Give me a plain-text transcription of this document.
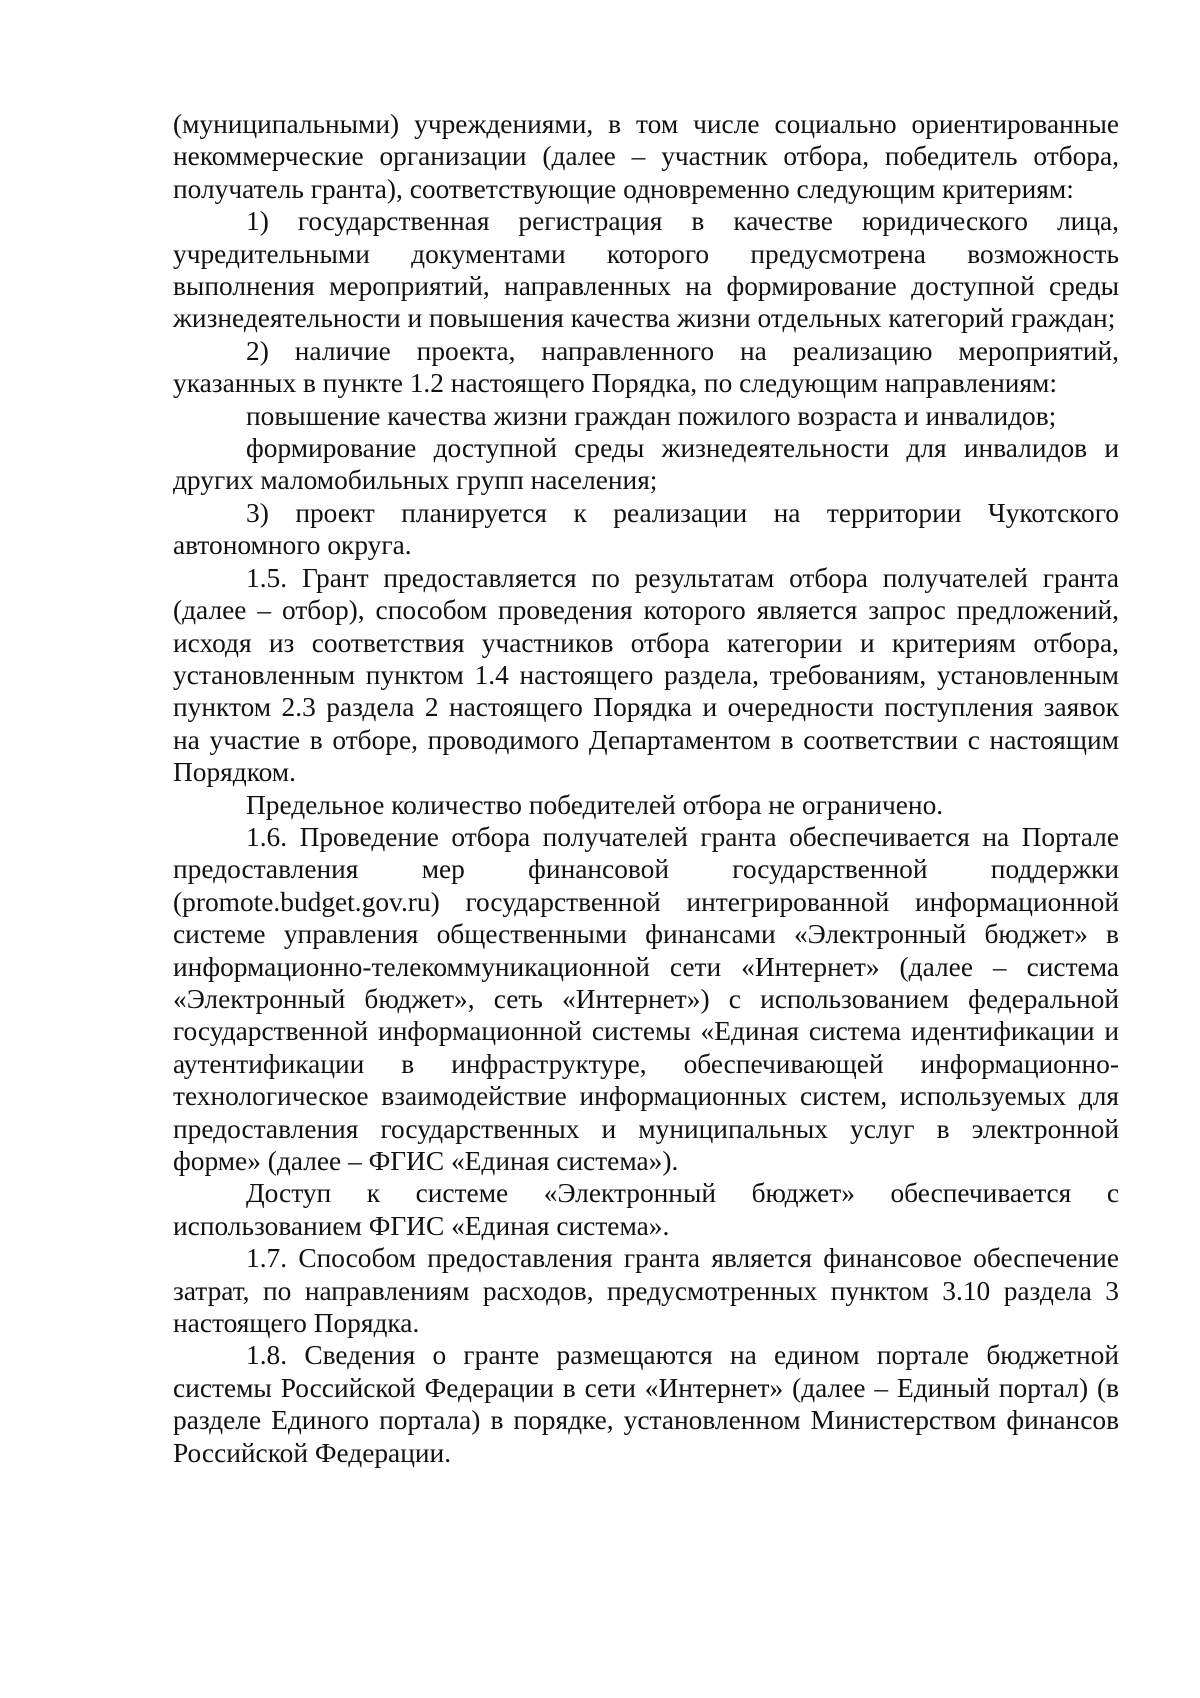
(муниципальными) учреждениями, в том числе социально ориентированные некоммерческие организации (далее – участник отбора, победитель отбора, получатель гранта), соответствующие одновременно следующим критериям:

1) государственная регистрация в качестве юридического лица, учредительными документами которого предусмотрена возможность выполнения мероприятий, направленных на формирование доступной среды жизнедеятельности и повышения качества жизни отдельных категорий граждан;

2) наличие проекта, направленного на реализацию мероприятий, указанных в пункте 1.2 настоящего Порядка, по следующим направлениям:

повышение качества жизни граждан пожилого возраста и инвалидов;

формирование доступной среды жизнедеятельности для инвалидов и других маломобильных групп населения;

3) проект планируется к реализации на территории Чукотского автономного округа.

1.5. Грант предоставляется по результатам отбора получателей гранта (далее – отбор), способом проведения которого является запрос предложений, исходя из соответствия участников отбора категории и критериям отбора, установленным пунктом 1.4 настоящего раздела, требованиям, установленным пунктом 2.3 раздела 2 настоящего Порядка и очередности поступления заявок на участие в отборе, проводимого Департаментом в соответствии с настоящим Порядком.

Предельное количество победителей отбора не ограничено.

1.6. Проведение отбора получателей гранта обеспечивается на Портале предоставления мер финансовой государственной поддержки (promote.budget.gov.ru) государственной интегрированной информационной системе управления общественными финансами «Электронный бюджет» в информационно-телекоммуникационной сети «Интернет» (далее – система «Электронный бюджет», сеть «Интернет») с использованием федеральной государственной информационной системы «Единая система идентификации и аутентификации в инфраструктуре, обеспечивающей информационно-технологическое взаимодействие информационных систем, используемых для предоставления государственных и муниципальных услуг в электронной форме» (далее – ФГИС «Единая система»).

Доступ к системе «Электронный бюджет» обеспечивается с использованием ФГИС «Единая система».

1.7. Способом предоставления гранта является финансовое обеспечение затрат, по направлениям расходов, предусмотренных пунктом 3.10 раздела 3 настоящего Порядка.

1.8. Сведения о гранте размещаются на едином портале бюджетной системы Российской Федерации в сети «Интернет» (далее – Единый портал) (в разделе Единого портала) в порядке, установленном Министерством финансов Российской Федерации.
